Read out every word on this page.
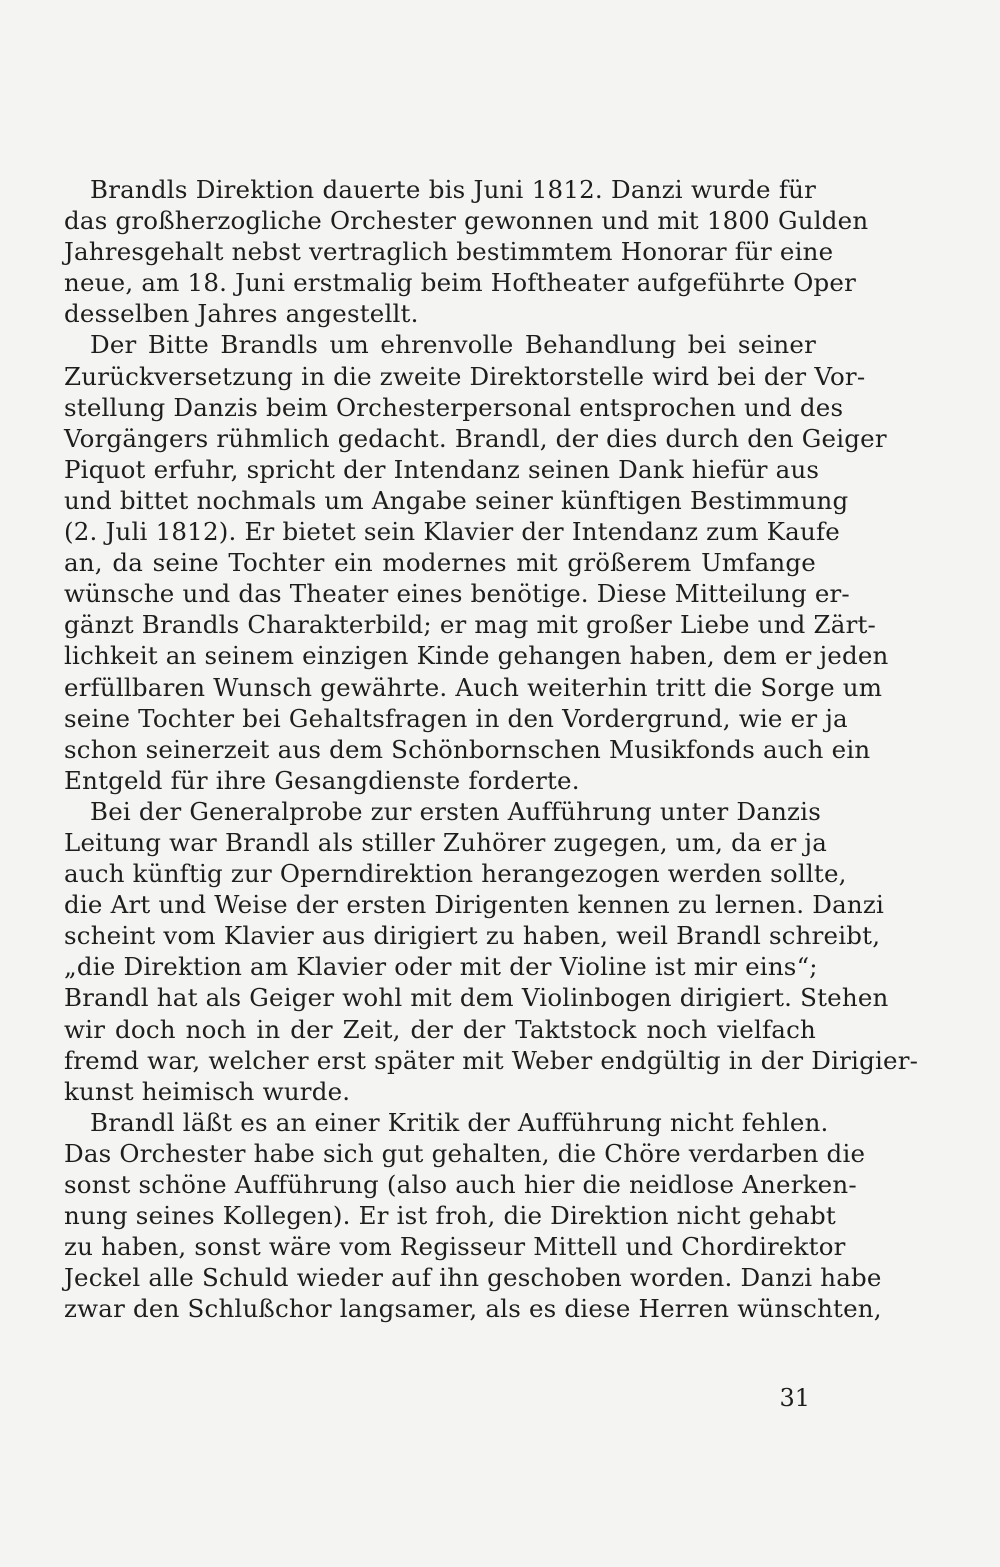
Brandls Direktion dauerte bis Juni 1812. Danzi wurde für
das großherzogliche Orchester gewonnen und mit 1800 Gulden
Jahresgehalt nebst vertraglich bestimmtem Honorar für eine
neue, am 18. Juni erstmalig beim Hoftheater aufgeführte Oper
desselben Jahres angestellt.
Der Bitte Brandls um ehrenvolle Behandlung bei seiner
Zurückversetzung in die zweite Direktorstelle wird bei der Vor-
stellung Danzis beim Orchesterpersonal entsprochen und des
Vorgängers rühmlich gedacht. Brandl, der dies durch den Geiger
Piquot erfuhr, spricht der Intendanz seinen Dank hiefür aus
und bittet nochmals um Angabe seiner künftigen Bestimmung
(2. Juli 1812). Er bietet sein Klavier der Intendanz zum Kaufe
an, da seine Tochter ein modernes mit größerem Umfange
wünsche und das Theater eines benötige. Diese Mitteilung er-
gänzt Brandls Charakterbild; er mag mit großer Liebe und Zärt-
lichkeit an seinem einzigen Kinde gehangen haben, dem er jeden
erfüllbaren Wunsch gewährte. Auch weiterhin tritt die Sorge um
seine Tochter bei Gehaltsfragen in den Vordergrund, wie er ja
schon seinerzeit aus dem Schönbornschen Musikfonds auch ein
Entgeld für ihre Gesangdienste forderte.
Bei der Generalprobe zur ersten Aufführung unter Danzis
Leitung war Brandl als stiller Zuhörer zugegen, um, da er ja
auch künftig zur Operndirektion herangezogen werden sollte,
die Art und Weise der ersten Dirigenten kennen zu lernen. Danzi
scheint vom Klavier aus dirigiert zu haben, weil Brandl schreibt,
„die Direktion am Klavier oder mit der Violine ist mir eins“;
Brandl hat als Geiger wohl mit dem Violinbogen dirigiert. Stehen
wir doch noch in der Zeit, der der Taktstock noch vielfach
fremd war, welcher erst später mit Weber endgültig in der Dirigier-
kunst heimisch wurde.
Brandl läßt es an einer Kritik der Aufführung nicht fehlen.
Das Orchester habe sich gut gehalten, die Chöre verdarben die
sonst schöne Aufführung (also auch hier die neidlose Anerken-
nung seines Kollegen). Er ist froh, die Direktion nicht gehabt
zu haben, sonst wäre vom Regisseur Mittell und Chordirektor
Jeckel alle Schuld wieder auf ihn geschoben worden. Danzi habe
zwar den Schlußchor langsamer, als es diese Herren wünschten,
31
